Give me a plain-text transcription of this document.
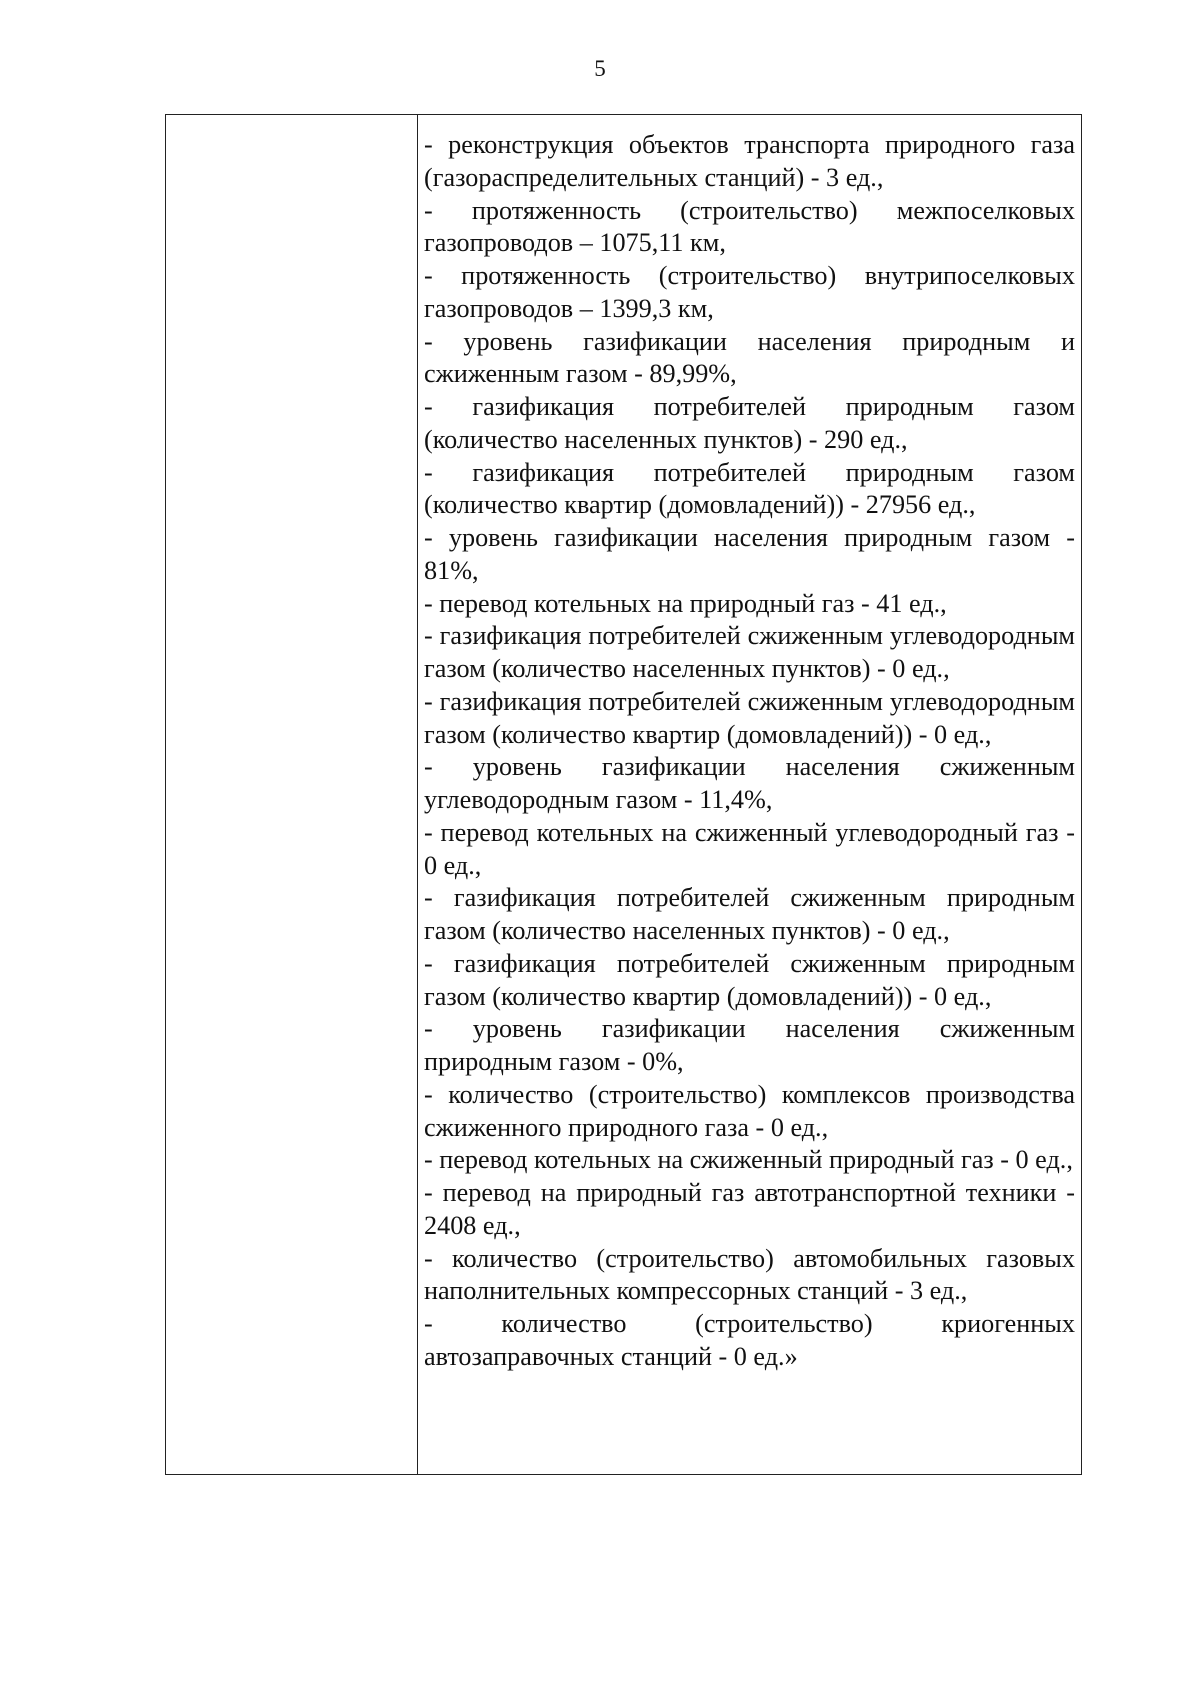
5

- реконструкция объектов транспорта природного газа (газораспределительных станций) - 3 ед.,

- протяженность (строительство) межпоселковых газопроводов – 1075,11 км,

- протяженность (строительство) внутрипоселковых газопроводов – 1399,3 км,

- уровень газификации населения природным и сжиженным газом - 89,99%,

- газификация потребителей природным газом (количество населенных пунктов) - 290 ед.,

- газификация потребителей природным газом (количество квартир (домовладений)) - 27956 ед.,

- уровень газификации населения природным газом - 81%,

- перевод котельных на природный газ - 41 ед.,

- газификация потребителей сжиженным углеводородным газом (количество населенных пунктов) - 0 ед.,

- газификация потребителей сжиженным углеводородным газом (количество квартир (домовладений)) - 0 ед.,

- уровень газификации населения сжиженным углеводородным газом - 11,4%,

- перевод котельных на сжиженный углеводородный газ - 0 ед.,

- газификация потребителей сжиженным природным газом (количество населенных пунктов) - 0 ед.,

- газификация потребителей сжиженным природным газом (количество квартир (домовладений)) - 0 ед.,

- уровень газификации населения сжиженным природным газом - 0%,

- количество (строительство) комплексов производства сжиженного природного газа - 0 ед.,

- перевод котельных на сжиженный природный газ - 0 ед.,

- перевод на природный газ автотранспортной техники - 2408 ед.,

- количество (строительство) автомобильных газовых наполнительных компрессорных станций - 3 ед.,

- количество (строительство) криогенных автозаправочных станций - 0 ед.»
